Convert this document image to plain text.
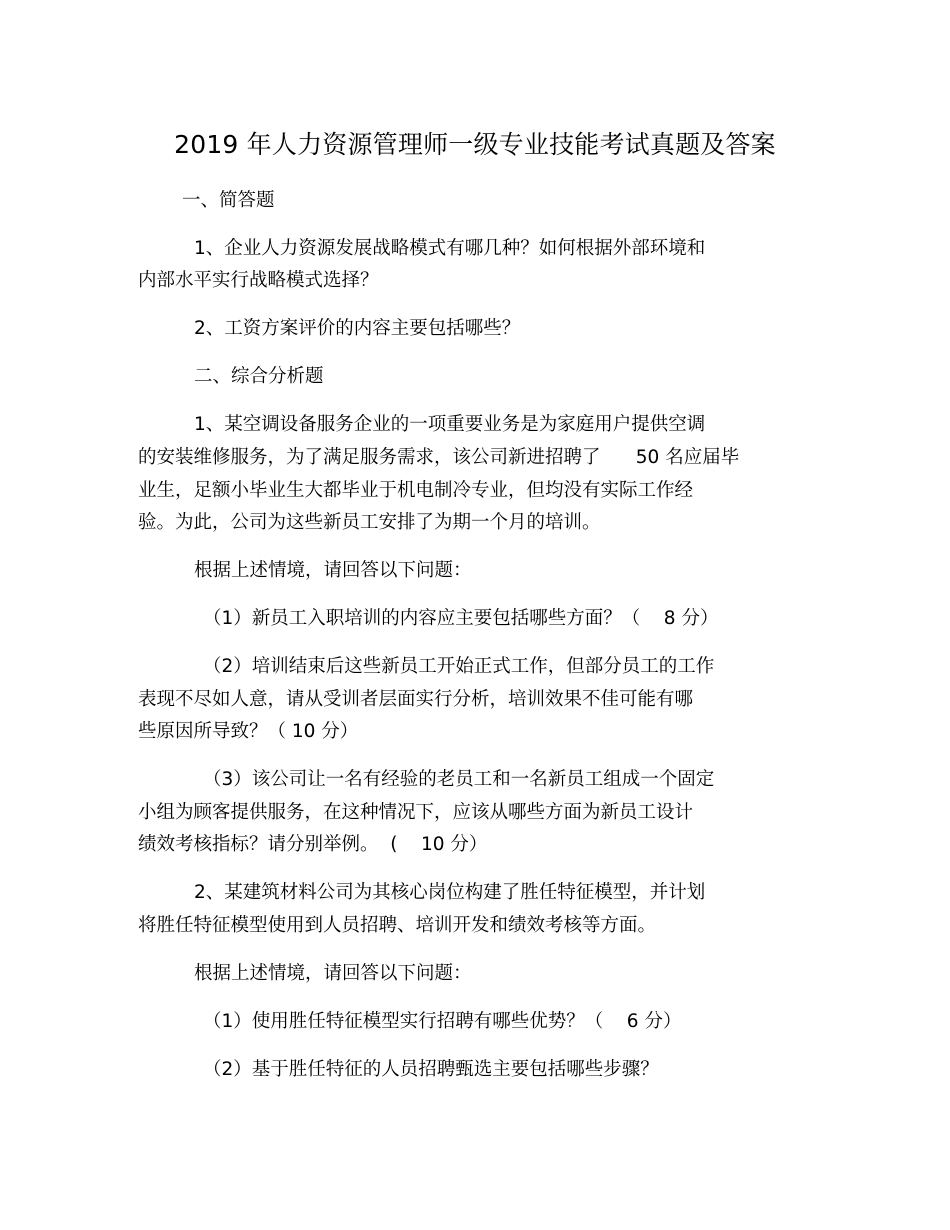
2019 年人力资源管理师一级专业技能考试真题及答案
一、简答题
1、企业人力资源发展战略模式有哪几种？如何根据外部环境和
内部水平实行战略模式选择？
2、工资方案评价的内容主要包括哪些？
二、综合分析题
1、某空调设备服务企业的一项重要业务是为家庭用户提供空调
的安装维修服务，为了满足服务需求，该公司新进招聘了      50 名应届毕
业生，足额小毕业生大都毕业于机电制冷专业，但均没有实际工作经
验。为此，公司为这些新员工安排了为期一个月的培训。
根据上述情境，请回答以下问题：
（1）新员工入职培训的内容应主要包括哪些方面？（    8 分）
（2）培训结束后这些新员工开始正式工作，但部分员工的工作
表现不尽如人意，请从受训者层面实行分析，培训效果不佳可能有哪
些原因所导致？（ 10 分）
（3）该公司让一名有经验的老员工和一名新员工组成一个固定
小组为顾客提供服务，在这种情况下，应该从哪些方面为新员工设计
绩效考核指标？请分别举例。  (    10 分）
2、某建筑材料公司为其核心岗位构建了胜任特征模型，并计划
将胜任特征模型使用到人员招聘、培训开发和绩效考核等方面。
根据上述情境，请回答以下问题：
（1）使用胜任特征模型实行招聘有哪些优势？（    6 分）
（2）基于胜任特征的人员招聘甄选主要包括哪些步骤？
